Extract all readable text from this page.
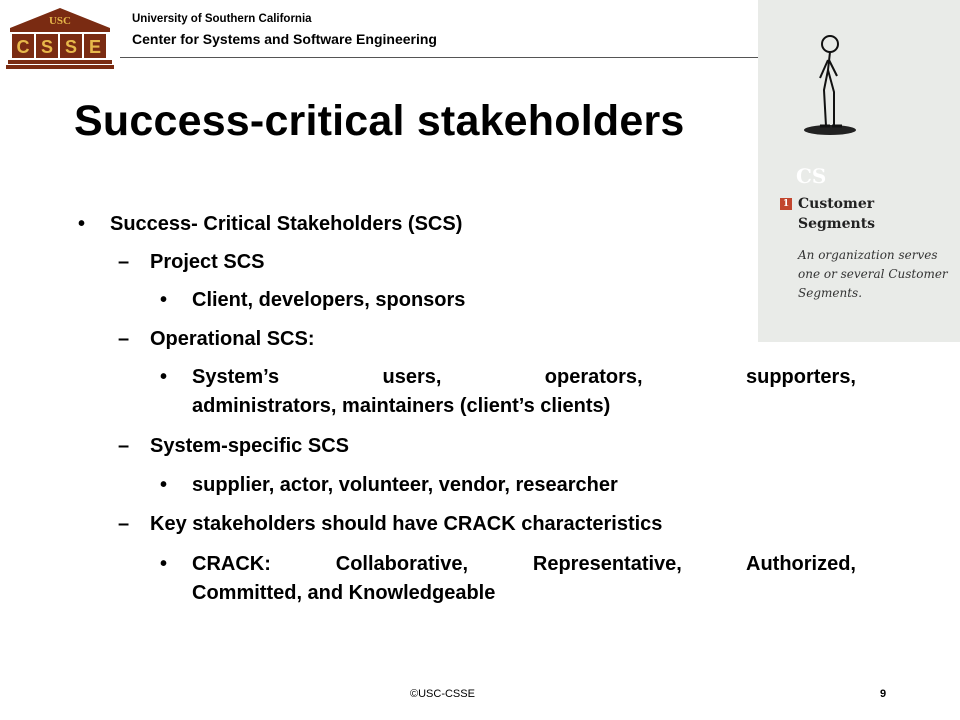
USC
C S S E
University of Southern California
Center for Systems and Software Engineering
CS
1 Customer Segments
An organization serves one or several Customer Segments.
Success-critical stakeholders
• Success- Critical Stakeholders (SCS)
– Project SCS
• Client, developers, sponsors
– Operational SCS:
• System’s users, operators, supporters,
administrators, maintainers (client’s clients)
– System-specific SCS
• supplier, actor, volunteer, vendor, researcher
– Key stakeholders should have CRACK characteristics
• CRACK: Collaborative, Representative, Authorized,
Committed, and Knowledgeable
©USC-CSSE	9
